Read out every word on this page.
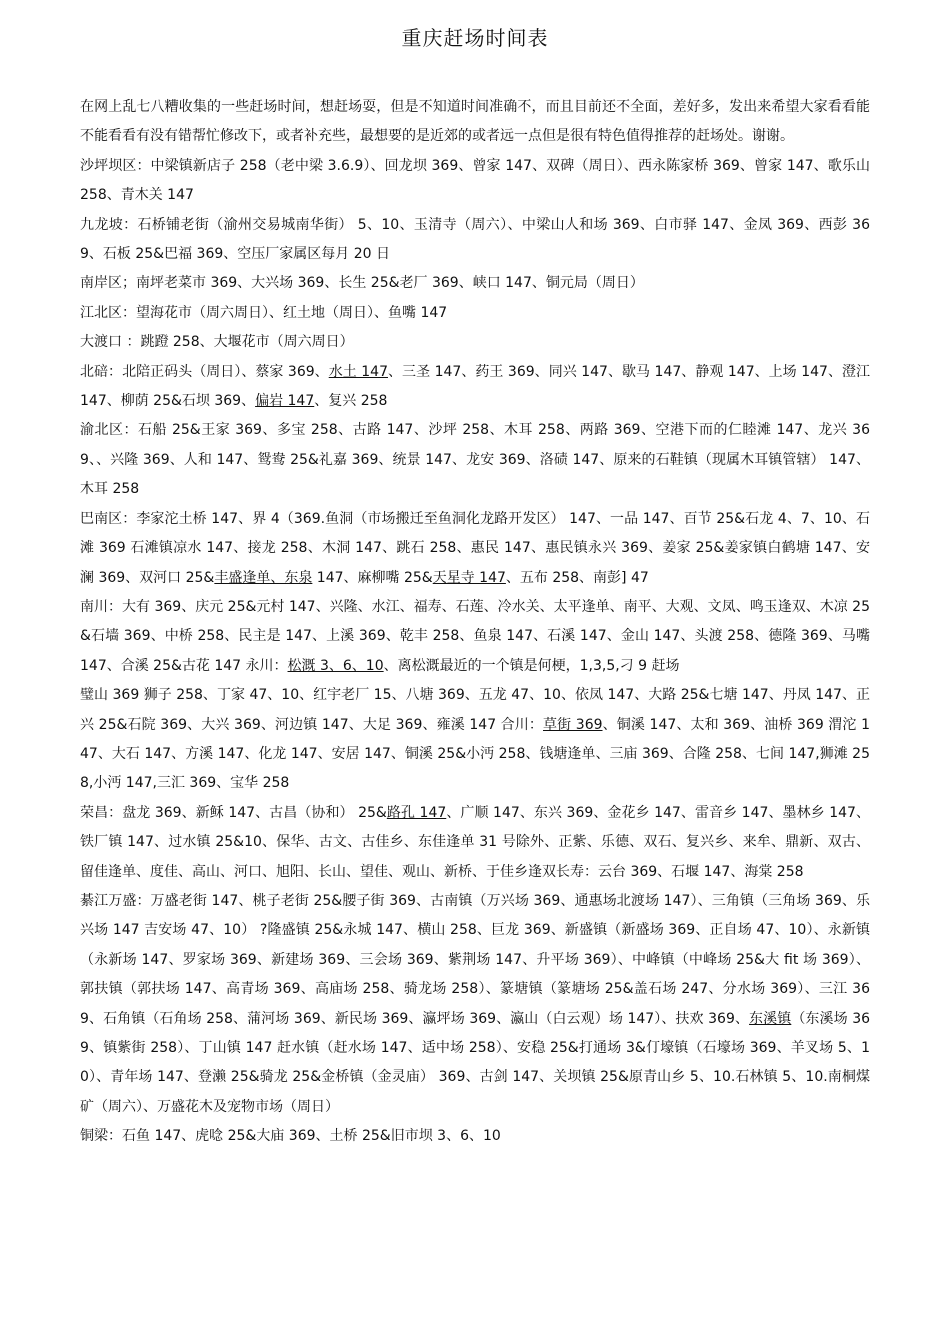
重庆赶场时间表

在网上乱七八糟收集的一些赶场时间，想赶场耍，但是不知道时间准确不，而且目前还不全面，差好多，发出来希望大家看看能不能看看有没有错帮忙修改下，或者补充些，最想要的是近郊的或者远一点但是很有特色值得推荐的赶场处。谢谢。

沙坪坝区：中梁镇新店子 258（老中梁 3.6.9）、回龙坝 369、曾家 147、双碑（周日）、西永陈家桥 369、曾家 147、歌乐山 258、青木关 147

九龙坡：石桥铺老街（渝州交易城南华街） 5、10、玉清寺（周六）、中梁山人和场 369、白市驿 147、金凤 369、西彭 369、石板 25&巴福 369、空压厂家属区每月 20 日

南岸区；南坪老菜市 369、大兴场 369、长生 25&老厂 369、峡口 147、铜元局（周日）

江北区：望海花市（周六周日）、红土地（周日）、鱼嘴 147

大渡口 ：跳蹬 258、大堰花市（周六周日）

北碚：北陪正码头（周日）、蔡家 369、水土 147、三圣 147、药王 369、同兴 147、歇马 147、静观 147、上场 147、澄江 147、柳荫 25&石坝 369、偏岩 147、复兴 258

渝北区：石船 25&王家 369、多宝 258、古路 147、沙坪 258、木耳 258、两路 369、空港下而的仁睦滩 147、龙兴 369、、兴隆 369、人和 147、鸳鸯 25&礼嘉 369、统景 147、龙安 369、洛碛 147、原来的石鞋镇（现属木耳镇管辖） 147、木耳 258

巴南区：李家沱土桥 147、界 4（369.鱼洞（市场搬迁至鱼洞化龙路开发区） 147、一品 147、百节 25&石龙 4、7、10、石滩 369 石滩镇凉水 147、接龙 258、木洞 147、跳石 258、惠民 147、惠民镇永兴 369、姜家 25&姜家镇白鹤塘 147、安澜 369、双河口 25&丰盛逢单、东泉 147、麻柳嘴 25&天星寺 147、五布 258、南彭] 47

南川：大有 369、庆元 25&元村 147、兴隆、水江、福寿、石莲、冷水关、太平逢单、南平、大观、文凤、鸣玉逢双、木凉 25&石墙 369、中桥 258、民主是 147、上溪 369、乾丰 258、鱼泉 147、石溪 147、金山 147、头渡 258、德隆 369、马嘴 147、合溪 25&古花 147 永川：松溉 3、6、10、离松溉最近的一个镇是何梗，1,3,5,刁 9 赶场

璧山 369 狮子 258、丁家 47、10、红宇老厂 15、八塘 369、五龙 47、10、依凤 147、大路 25&七塘 147、丹凤 147、正兴 25&石院 369、大兴 369、河边镇 147、大足 369、雍溪 147 合川：草街 369、铜溪 147、太和 369、油桥 369 渭沱 147、大石 147、方溪 147、化龙 147、安居 147、铜溪 25&小沔 258、钱塘逢单、三庙 369、合隆 258、七间 147,狮滩 258,小沔 147,三汇 369、宝华 258

荣昌：盘龙 369、新稣 147、古昌（协和） 25&路孔 147、广顺 147、东兴 369、金花乡 147、雷音乡 147、墨林乡 147、铁厂镇 147、过水镇 25&10、保华、古文、古佳乡、东佳逢单 31 号除外、正紫、乐德、双石、复兴乡、来牟、鼎新、双古、留佳逢单、度佳、高山、河口、旭阳、长山、望佳、观山、新桥、于佳乡逢双长寿：云台 369、石堰 147、海棠 258

綦江万盛：万盛老街 147、桃子老街 25&腰子街 369、古南镇（万兴场 369、通惠场北渡场 147）、三角镇（三角场 369、乐兴场 147 吉安场 47、10） ?隆盛镇 25&永城 147、横山 258、巨龙 369、新盛镇（新盛场 369、正自场 47、10）、永新镇（永新场 147、罗家场 369、新建场 369、三会场 369、紫荆场 147、升平场 369）、中峰镇（中峰场 25&大 fit 场 369）、郭扶镇（郭扶场 147、高青场 369、高庙场 258、骑龙场 258）、篆塘镇（篆塘场 25&盖石场 247、分水场 369）、三江 369、石角镇（石角场 258、蒲河场 369、新民场 369、瀛坪场 369、瀛山（白云观）场 147）、扶欢 369、东溪镇（东溪场 369、镇紫街 258）、丁山镇 147 赶水镇（赶水场 147、适中场 258）、安稳 25&打通场 3&仃壕镇（石壕场 369、羊叉场 5、10）、青年场 147、登濑 25&骑龙 25&金桥镇（金灵庙） 369、古剑 147、关坝镇 25&原青山乡 5、10.石林镇 5、10.南桐煤矿（周六）、万盛花木及宠物市场（周日）

铜梁：石鱼 147、虎唸 25&大庙 369、土桥 25&旧市坝 3、6、10
